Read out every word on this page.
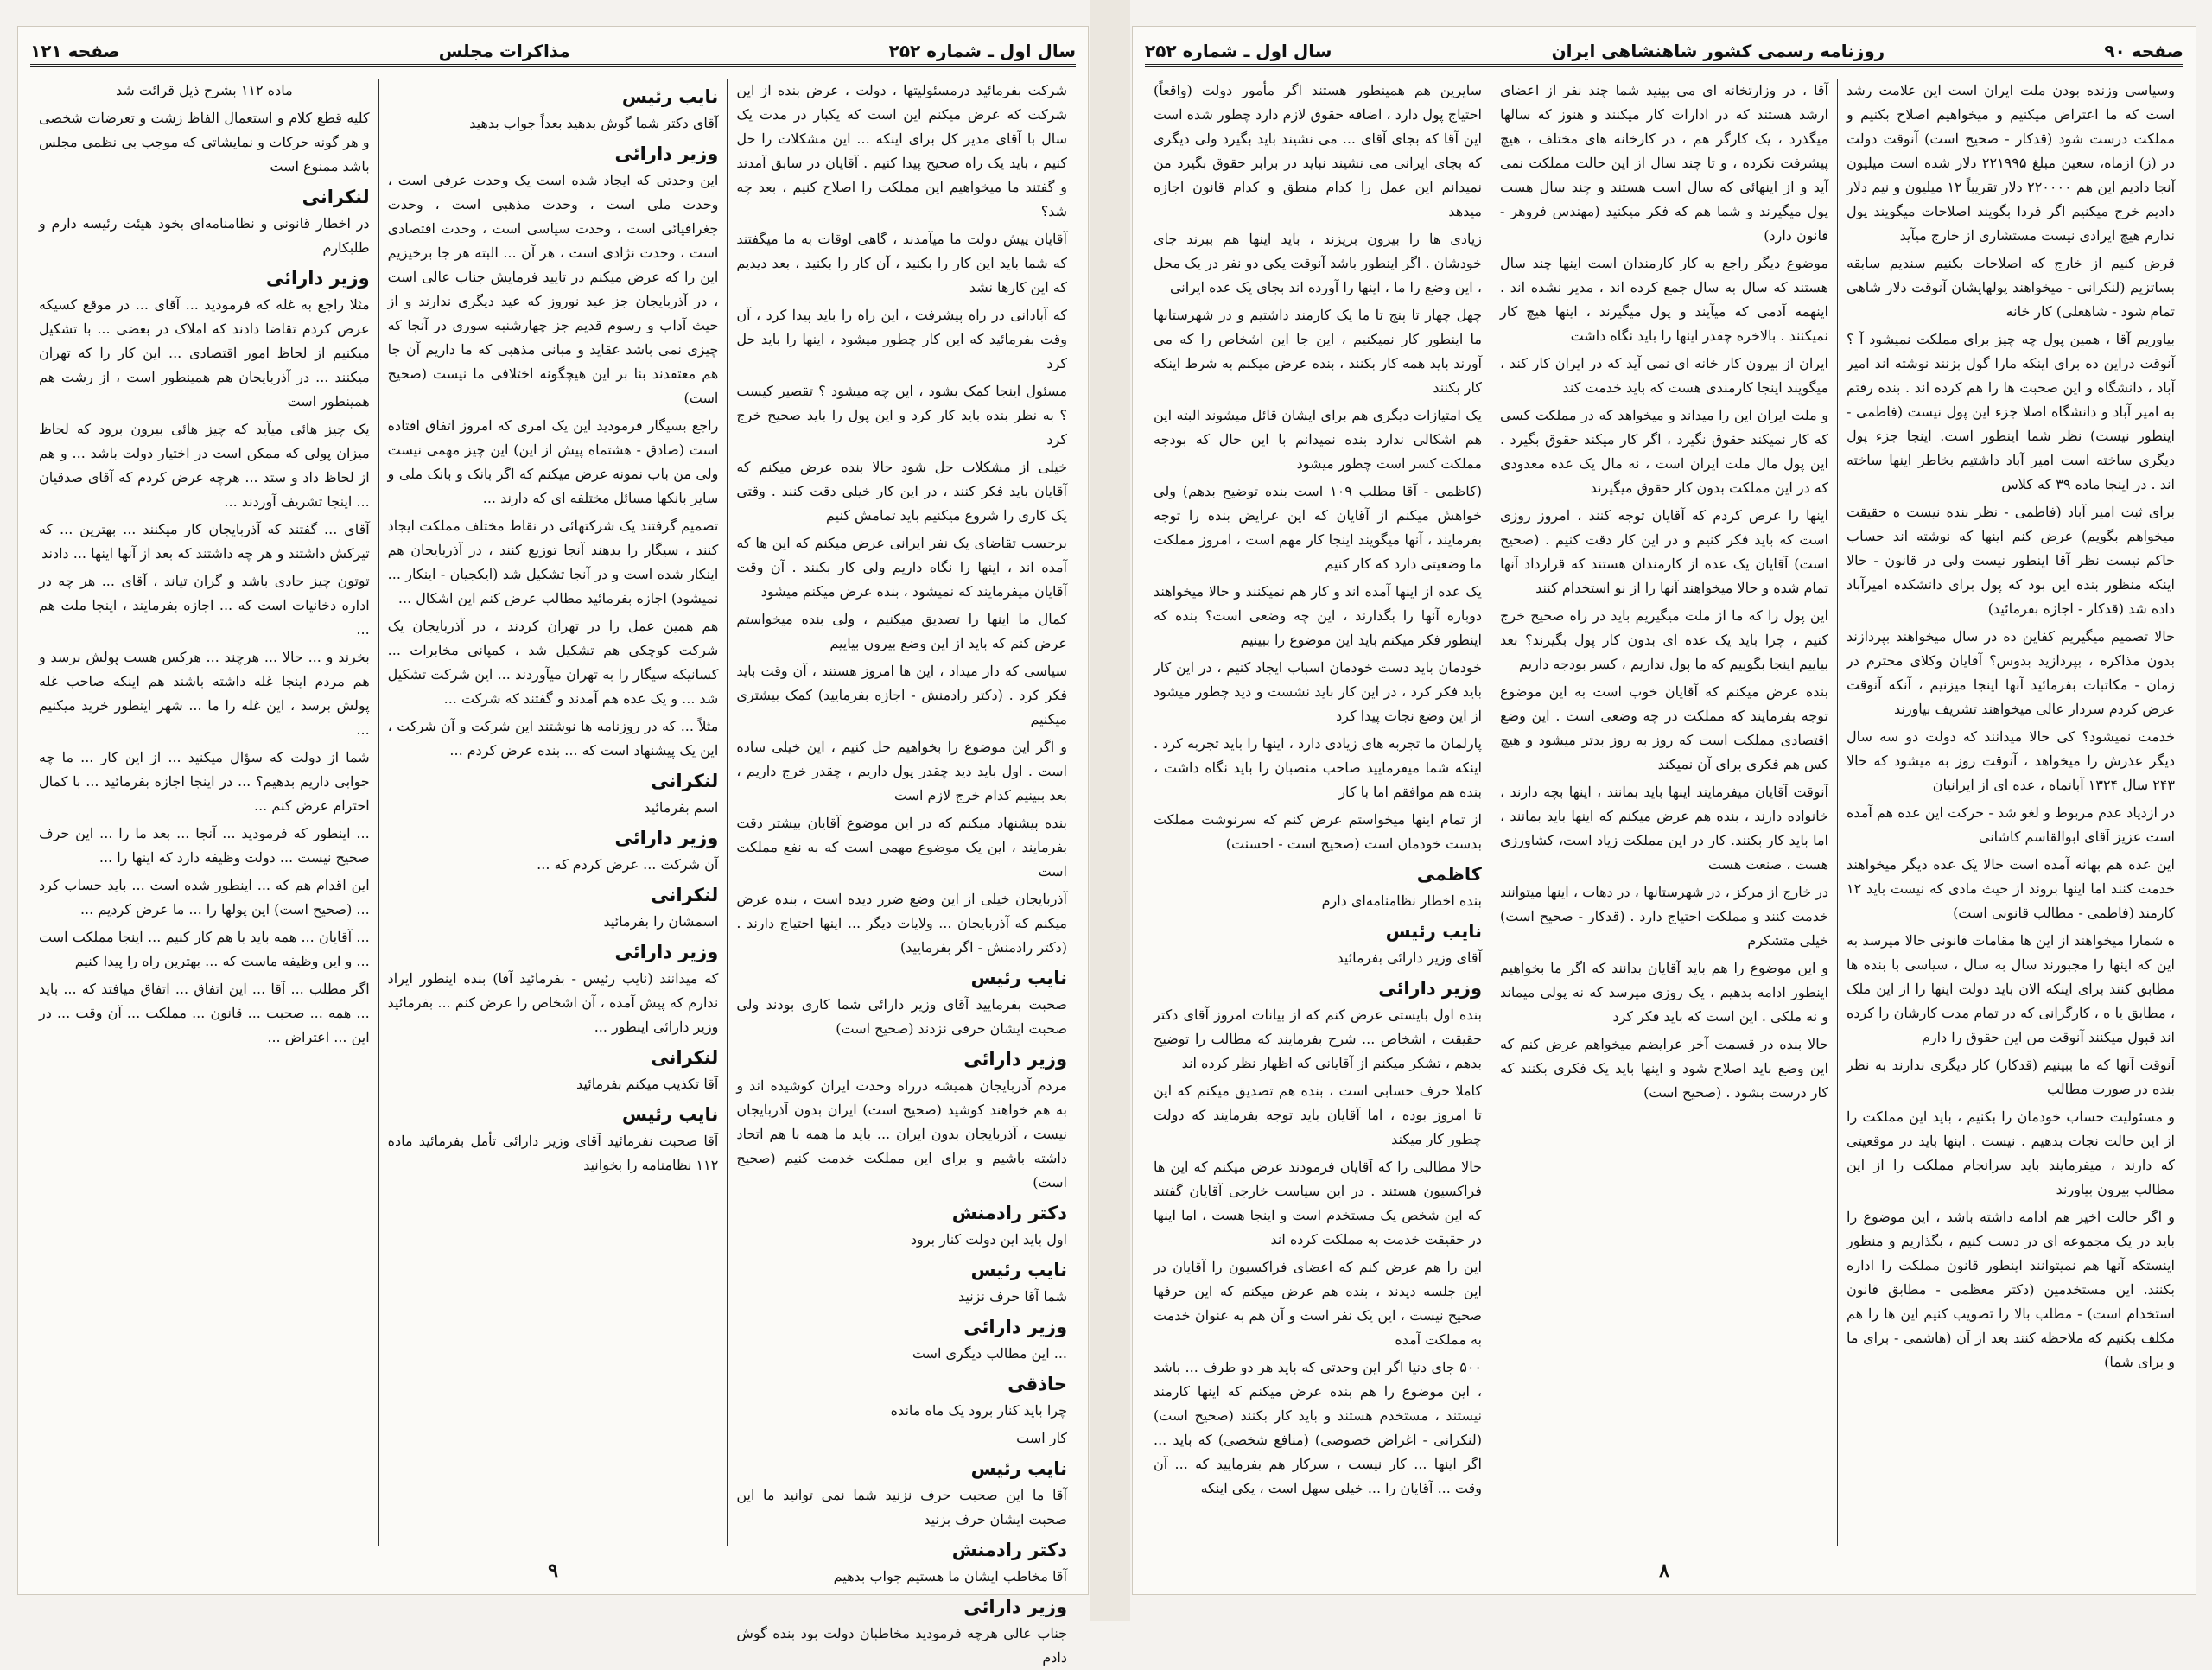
سال اول ـ شماره ۲۵۲
مذاکرات مجلس
صفحه ۱۲۱

شرکت بفرمائید درمسئولیتها ، دولت ، عرض بنده از این شرکت که عرض میکنم این است که یکبار در مدت یک سال با آقای مدیر کل برای اینکه ... این مشکلات را حل کنیم ، باید یک راه صحیح پیدا کنیم . آقایان در سابق آمدند و گفتند ما میخواهیم این مملکت را اصلاح کنیم ، بعد چه شد؟

آقایان پیش دولت ما میآمدند ، گاهی اوقات به ما میگفتند که شما باید این کار را بکنید ، آن کار را بکنید ، بعد دیدیم که این کارها نشد

که آبادانی در راه پیشرفت ، این راه را باید پیدا کرد ، آن وقت بفرمائید که این کار چطور میشود ، اینها را باید حل کرد

مسئول اینجا کمک بشود ، این چه میشود ؟ تقصیر کیست ؟ به نظر بنده باید کار کرد و این پول را باید صحیح خرج کرد

خیلی از مشکلات حل شود حالا بنده عرض میکنم که آقایان باید فکر کنند ، در این کار خیلی دقت کنند . وقتی یک کاری را شروع میکنیم باید تمامش کنیم

برحسب تقاضای یک نفر ایرانی عرض میکنم که این ها که آمده اند ، اینها را نگاه داریم ولی کار بکنند . آن وقت آقایان میفرمایند که نمیشود ، بنده عرض میکنم میشود

کمال ما اینها را تصدیق میکنیم ، ولی بنده میخواستم عرض کنم که باید از این وضع بیرون بیاییم

سیاسی که دار میداد ، این ها امروز هستند ، آن وقت باید فکر کرد . (دکتر رادمنش - اجازه بفرمایید) کمک بیشتری میکنیم

و اگر این موضوع را بخواهیم حل کنیم ، این خیلی ساده است . اول باید دید چقدر پول داریم ، چقدر خرج داریم ، بعد ببینیم کدام خرج لازم است

بنده پیشنهاد میکنم که در این موضوع آقایان بیشتر دقت بفرمایند ، این یک موضوع مهمی است که به نفع مملکت است

آذربایجان خیلی از این وضع ضرر دیده است ، بنده عرض میکنم که آذربایجان ... ولایات دیگر ... اینها احتیاج دارند . (دکتر رادمنش - اگر بفرمایید)

نایب رئیس

صحبت بفرمایید آقای وزیر دارائی شما کاری بودند ولی صحبت ایشان حرفی نزدند (صحیح است)

وزیر دارائی

مردم آذربایجان همیشه درراه وحدت ایران کوشیده اند و به هم خواهند کوشید (صحیح است) ایران بدون آذربایجان نیست ، آذربایجان بدون ایران ... باید ما همه با هم اتحاد داشته باشیم و برای این مملکت خدمت کنیم (صحیح است)

دکتر رادمنش

اول باید این دولت کنار برود

نایب رئیس

شما آقا حرف نزنید

وزیر دارائی

... این مطالب دیگری است

حاذقی

چرا باید کنار برود یک ماه مانده

کار است

نایب رئیس

آقا ما این صحبت حرف نزنید شما نمی توانید ما این صحبت ایشان حرف بزنید

دکتر رادمنش

آقا مخاطب ایشان ما هستیم جواب بدهیم

وزیر دارائی

جناب عالی هرچه فرمودید مخاطبان دولت بود بنده گوش دادم

نایب رئیس

آقای دکتر شما گوش بدهید بعداً جواب بدهید

وزیر دارائی

این وحدتی که ایجاد شده است یک وحدت عرفی است ، وحدت ملی است ، وحدت مذهبی است ، وحدت جغرافیائی است ، وحدت سیاسی است ، وحدت اقتصادی است ، وحدت نژادی است ، هر آن ... البته هر جا برخیزیم این را که عرض میکنم در تایید فرمایش جناب عالی است ، در آذربایجان جز عید نوروز که عید دیگری ندارند و از حیث آداب و رسوم قدیم جز چهارشنبه سوری در آنجا که چیزی نمی باشد عقاید و مبانی مذهبی که ما داریم آن جا هم معتقدند بنا بر این هیچگونه اختلافی ما نیست (صحیح است)

راجع بسیگار فرمودید این یک امری که امروز اتفاق افتاده است (صادق - هشتماه پیش از این) این چیز مهمی نیست ولی من باب نمونه عرض میکنم که اگر بانک و بانک ملی و سایر بانکها مسائل مختلفه ای که دارند ...

تصمیم گرفتند یک شرکتهائی در نقاط مختلف مملکت ایجاد کنند ، سیگار را بدهند آنجا توزیع کنند ، در آذربایجان هم اینکار شده است و در آنجا تشکیل شد (ایکجیان - اینکار ... نمیشود) اجازه بفرمائید مطالب عرض کنم این اشکال ...

هم همین عمل را در تهران کردند ، در آذربایجان یک شرکت کوچکی هم تشکیل شد ، کمپانی مخابرات ... کسانیکه سیگار را به تهران میآوردند ... این شرکت تشکیل شد ... و یک عده هم آمدند و گفتند که شرکت ...

مثلاً ... که در روزنامه ها نوشتند این شرکت و آن شرکت ، این یک پیشنهاد است که ... بنده عرض کردم ...

لنکرانی

اسم بفرمائید

وزیر دارائی

آن شرکت ... عرض کردم که ...

لنکرانی

اسمشان را بفرمائید

وزیر دارائی

که میدانند (نایب رئیس - بفرمائید آقا) بنده اینطور ایراد ندارم که پیش آمده ، آن اشخاص را عرض کنم ... بفرمائید وزیر دارائی اینطور ...

لنکرانی

آقا تکذیب میکنم بفرمائید

نایب رئیس

آقا صحبت نفرمائید آقای وزیر دارائی تأمل بفرمائید ماده ۱۱۲ نظامنامه را بخوانید

ماده ۱۱۲ بشرح ذیل قرائت شد

کلیه قطع کلام و استعمال الفاظ زشت و تعرضات شخصی و هر گونه حرکات و نمایشاتی که موجب بی نظمی مجلس باشد ممنوع است

لنکرانی

در اخطار قانونی و نظامنامه‌ای بخود هیئت رئیسه دارم و طلبکارم

وزیر دارائی

مثلا راجع به غله که فرمودید ... آقای ... در موقع کسیکه عرض کردم تقاضا دادند که املاک در بعضی ... با تشکیل میکنیم از لحاظ امور اقتصادی ... این کار را که تهران میکنند ... در آذربایجان هم همینطور است ، از رشت هم همینطور است

یک چیز هائی میآید که چیز هائی بیرون برود که لحاظ میزان پولی که ممکن است در اختیار دولت باشد ... و هم از لحاظ داد و ستد ... هرچه عرض کردم که آقای صدقیان ... اینجا تشریف آوردند ...

آقای ... گفتند که آذربایجان کار میکنند ... بهترین ... که تیرکش داشتند و هر چه داشتند که بعد از آنها اینها ... دادند

توتون چیز حادی باشد و گران تیاند ، آقای ... هر چه در اداره دخانیات است که ... اجازه بفرمایند ، اینجا ملت هم ...

بخرند و ... حالا ... هرچند ... هرکس هست پولش برسد و هم مردم اینجا غله داشته باشند هم اینکه صاحب غله پولش برسد ، این غله را ما ... شهر اینطور خرید میکنیم ...

شما از دولت که سؤال میکنید ... از این کار ... ما چه جوابی داریم بدهیم؟ ... در اینجا اجازه بفرمائید ... با کمال احترام عرض کنم ...

... اینطور که فرمودید ... آنجا ... بعد ما را ... این حرف صحیح نیست ... دولت وظیفه دارد که اینها را ...

این اقدام هم که ... اینطور شده است ... باید حساب کرد ... (صحیح است) این پولها را ... ما عرض کردیم ...

... آقایان ... همه باید با هم کار کنیم ... اینجا مملکت است ... و این وظیفه ماست که ... بهترین راه را پیدا کنیم

اگر مطلب ... آقا ... این اتفاق ... اتفاق میافتد که ... باید ... همه ... صحبت ... قانون ... مملکت ... آن وقت ... در این ... اعتراض ...

۹
صفحه ۹۰
روزنامه رسمی کشور شاهنشاهی ایران
سال اول ـ شماره ۲۵۲

وسیاسی وزنده بودن ملت ایران است این علامت رشد است که ما اعتراض میکنیم و میخواهیم اصلاح بکنیم و مملکت درست شود (قدکار - صحیح است) آنوقت دولت در (ز) ازماه، سعین مبلغ ۲۲۱۹۹۵ دلار شده است میلیون آنجا دادیم این هم ۲۲۰۰۰۰ دلار تقریباً ۱۲ میلیون و نیم دلار دادیم خرج میکنیم اگر فردا بگویند اصلاحات میگویند پول ندارم هیچ ایرادی نیست مستشاری از خارج میآید

قرض کنیم از خارج که اصلاحات بکنیم سندیم سابقه بساتزیم (لنکرانی - میخواهند پولهایشان آنوقت دلار شاهی تمام شود - شاهعلی) کار خانه

بیاوریم آقا ، همین پول چه چیز برای مملکت نمیشود آ ؟ آنوقت دراین ده برای اینکه مارا گول بزنند نوشته اند امیر آباد ، دانشگاه و این صحبت ها را هم کرده اند . بنده رفتم به امیر آباد و دانشگاه اصلا جزء این پول نیست (فاطمی - اینطور نیست) نظر شما اینطور است. اینجا جزء پول دیگری ساخته است امیر آباد داشتیم بخاطر اینها ساخته اند . در اینجا ماده ۳۹ که کلاس

برای ثبت امیر آباد (فاطمی - نظر بنده نیست ه حقیقت میخواهم بگویم) عرض کنم اینها که نوشته اند حساب حاکم نیست نظر آقا اینطور نیست ولی در قانون - حالا اینکه منظور بنده این بود که پول برای دانشکده امیرآباد داده شد (قدکار - اجازه بفرمائید)

حالا تصمیم میگیریم کفاین ده در سال میخواهند بپردازند بدون مذاکره ، بپردازید بدوس؟ آقایان وکلای محترم در زمان - مکاتبات بفرمائید آنها اینجا میزنیم ، آنکه آنوقت عرض کردم سردار عالی میخواهند تشریف بیاورند

خدمت نمیشود؟ کی حالا میدانند که دولت دو سه سال دیگر عذرش را میخواهد ، آنوقت روز به میشود که حالا ۲۴۳ سال ۱۳۲۴ آبانماه ، عده ای از ایرانیان

در ازدیاد عدم مربوط و لغو شد - حرکت این عده هم آمده است عزیز آقای ابوالقاسم کاشانی

این عده هم بهانه آمده است حالا یک عده دیگر میخواهند خدمت کنند اما اینها بروند از حیث مادی که نیست باید ۱۲ کارمند (فاطمی - مطالب قانونی است)

ه شمارا میخواهند از این ها مقامات قانونی حالا میرسد به این که اینها را مجبورند سال به سال ، سیاسی با بنده ها مطابق کنند برای اینکه الان باید دولت اینها را از این ملک ، مطابق یا ه ، کارگرانی که در تمام مدت کارشان را کرده اند قبول میکنند آنوقت من این حقوق را دارم

آنوقت آنها که ما ببینیم (قدکار) کار دیگری ندارند به نظر بنده در صورت مطالب

و مسئولیت حساب خودمان را بکنیم ، باید این مملکت را از این حالت نجات بدهیم . نیست . اینها باید در موقعیتی که دارند ، میفرمایند باید سرانجام مملکت را از این مطالب بیرون بیاورند

و اگر حالت اخیر هم ادامه داشته باشد ، این موضوع را باید در یک مجموعه ای در دست کنیم ، بگذاریم و منظور اینستکه آنها هم نمیتوانند اینطور قانون مملکت را اداره بکنند. این مستخدمین (دکتر معظمی - مطابق قانون استخدام است) - مطلب بالا را تصویب کنیم این ها را هم مکلف بکنیم که ملاحظه کنند بعد از آن (هاشمی - برای ما و برای شما)

آقا ، در وزارتخانه ای می بینید شما چند نفر از اعضای ارشد هستند که در ادارات کار میکنند و هنوز که سالها میگذرد ، یک کارگر هم ، در کارخانه های مختلف ، هیچ پیشرفت نکرده ، و تا چند سال از این حالت مملکت نمی آید و از اینهائی که سال است هستند و چند سال هست پول میگیرند و شما هم که فکر میکنید (مهندس فروهر - قانون دارد)

موضوع دیگر راجع به کار کارمندان است اینها چند سال هستند که سال به سال جمع کرده اند ، مدیر نشده اند . اینهمه آدمی که میآیند و پول میگیرند ، اینها هیچ کار نمیکنند . بالاخره چقدر اینها را باید نگاه داشت

ایران از بیرون کار خانه ای نمی آید که در ایران کار کند ، میگویند اینجا کارمندی هست که باید خدمت کند

و ملت ایران این را میداند و میخواهد که در مملکت کسی که کار نمیکند حقوق نگیرد ، اگر کار میکند حقوق بگیرد . این پول مال ملت ایران است ، نه مال یک عده معدودی که در این مملکت بدون کار حقوق میگیرند

اینها را عرض کردم که آقایان توجه کنند ، امروز روزی است که باید فکر کنیم و در این کار دقت کنیم . (صحیح است) آقایان یک عده از کارمندان هستند که قرارداد آنها تمام شده و حالا میخواهند آنها را از نو استخدام کنند

این پول را که ما از ملت میگیریم باید در راه صحیح خرج کنیم ، چرا باید یک عده ای بدون کار پول بگیرند؟ بعد بیاییم اینجا بگوییم که ما پول نداریم ، کسر بودجه داریم

بنده عرض میکنم که آقایان خوب است به این موضوع توجه بفرمایند که مملکت در چه وضعی است . این وضع اقتصادی مملکت است که روز به روز بدتر میشود و هیچ کس هم فکری برای آن نمیکند

آنوقت آقایان میفرمایند اینها باید بمانند ، اینها بچه دارند ، خانواده دارند ، بنده هم عرض میکنم که اینها باید بمانند ، اما باید کار بکنند. کار در این مملکت زیاد است، کشاورزی هست ، صنعت هست

در خارج از مرکز ، در شهرستانها ، در دهات ، اینها میتوانند خدمت کنند و مملکت احتیاج دارد . (قدکار - صحیح است) خیلی متشکرم

و این موضوع را هم باید آقایان بدانند که اگر ما بخواهیم اینطور ادامه بدهیم ، یک روزی میرسد که نه پولی میماند و نه ملکی . این است که باید فکر کرد

حالا بنده در قسمت آخر عرایضم میخواهم عرض کنم که این وضع باید اصلاح شود و اینها باید یک فکری بکنند که کار درست بشود . (صحیح است)

سایرین هم همینطور هستند اگر مأمور دولت (واقعاً) احتیاج پول دارد ، اضافه حقوق لازم دارد چطور شده است این آقا که بجای آقای ... می نشیند باید بگیرد ولی دیگری که بجای ایرانی می نشیند نباید در برابر حقوق بگیرد من نمیدانم این عمل را کدام منطق و کدام قانون اجازه میدهد

زیادی ها را بیرون بریزند ، باید اینها هم ببرند جای خودشان . اگر اینطور باشد آنوقت یکی دو نفر در یک محل ، این وضع را ما ، اینها را آورده اند بجای یک عده ایرانی

چهل چهار تا پنج تا ما یک کارمند داشتیم و در شهرستانها ما اینطور کار نمیکنیم ، این جا این اشخاص را که می آورند باید همه کار بکنند ، بنده عرض میکنم به شرط اینکه کار بکنند

یک امتیازات دیگری هم برای ایشان قائل میشوند البته این هم اشکالی ندارد بنده نمیدانم با این حال که بودجه مملکت کسر است چطور میشود

(کاظمی - آقا مطلب ۱۰۹ است بنده توضیح بدهم) ولی خواهش میکنم از آقایان که این عرایض بنده را توجه بفرمایند ، آنها میگویند اینجا کار مهم است ، امروز مملکت ما وضعیتی دارد که کار کنیم

یک عده از اینها آمده اند و کار هم نمیکنند و حالا میخواهند دوباره آنها را بگذارند ، این چه وضعی است؟ بنده که اینطور فکر میکنم باید این موضوع را ببینیم

خودمان باید دست خودمان اسباب ایجاد کنیم ، در این کار باید فکر کرد ، در این کار باید نشست و دید چطور میشود از این وضع نجات پیدا کرد

پارلمان ما تجربه های زیادی دارد ، اینها را باید تجربه کرد . اینکه شما میفرمایید صاحب منصبان را باید نگاه داشت ، بنده هم موافقم اما با کار

از تمام اینها میخواستم عرض کنم که سرنوشت مملکت بدست خودمان است (صحیح است - احسنت)

کاظمی

بنده اخطار نظامنامه‌ای دارم

نایب رئیس

آقای وزیر دارائی بفرمائید

وزیر دارائی

بنده اول بایستی عرض کنم که از بیانات امروز آقای دکتر حقیقت ، اشخاص ... شرح بفرمایند که مطالب را توضیح بدهم ، تشکر میکنم از آقایانی که اظهار نظر کرده اند

کاملا حرف حسابی است ، بنده هم تصدیق میکنم که این تا امروز بوده ، اما آقایان باید توجه بفرمایند که دولت چطور کار میکند

حالا مطالبی را که آقایان فرمودند عرض میکنم که این ها فراکسیون هستند . در این سیاست خارجی آقایان گفتند که این شخص یک مستخدم است و اینجا هست ، اما اینها در حقیقت خدمت به مملکت کرده اند

این را هم عرض کنم که اعضای فراکسیون را آقایان در این جلسه دیدند ، بنده هم عرض میکنم که این حرفها صحیح نیست ، این یک نفر است و آن هم به عنوان خدمت به مملکت آمده

۵۰۰ جای دنیا اگر این وحدتی که باید هر دو طرف ... باشد ، این موضوع را هم بنده عرض میکنم که اینها کارمند نیستند ، مستخدم هستند و باید کار بکنند (صحیح است) (لنکرانی - اغراض خصوصی) (منافع شخصی) که باید ... اگر اینها ... کار نیست ، سرکار هم بفرمایید که ... آن وقت ... آقایان را ... خیلی سهل است ، یکی اینکه

۸
